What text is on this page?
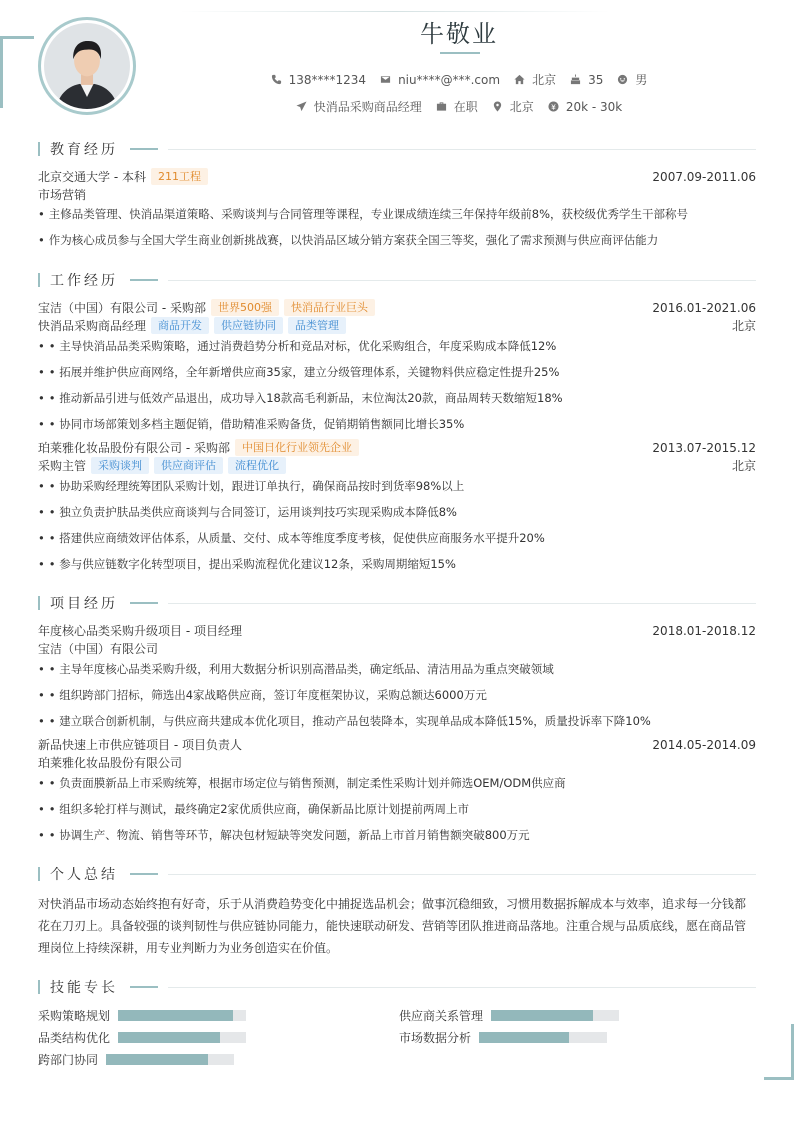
牛敬业
138****1234	niu****@***.com	北京	35	男
快消品采购商品经理	在职	北京	20k - 30k
教育经历
北京交通大学 - 本科	211工程	2007.09-2011.06
市场营销
• 主修品类管理、快消品渠道策略、采购谈判与合同管理等课程，专业课成绩连续三年保持年级前8%，获校级优秀学生干部称号
• 作为核心成员参与全国大学生商业创新挑战赛，以快消品区域分销方案获全国三等奖，强化了需求预测与供应商评估能力
工作经历
宝洁（中国）有限公司 - 采购部	世界500强	快消品行业巨头	2016.01-2021.06
快消品采购商品经理	商品开发	供应链协同	品类管理	北京
• • 主导快消品品类采购策略，通过消费趋势分析和竞品对标，优化采购组合，年度采购成本降低12%
• • 拓展并维护供应商网络，全年新增供应商35家，建立分级管理体系，关键物料供应稳定性提升25%
• • 推动新品引进与低效产品退出，成功导入18款高毛利新品，末位淘汰20款，商品周转天数缩短18%
• • 协同市场部策划多档主题促销，借助精准采购备货，促销期销售额同比增长35%
珀莱雅化妆品股份有限公司 - 采购部	中国日化行业领先企业	2013.07-2015.12
采购主管	采购谈判	供应商评估	流程优化	北京
• • 协助采购经理统筹团队采购计划，跟进订单执行，确保商品按时到货率98%以上
• • 独立负责护肤品类供应商谈判与合同签订，运用谈判技巧实现采购成本降低8%
• • 搭建供应商绩效评估体系，从质量、交付、成本等维度季度考核，促使供应商服务水平提升20%
• • 参与供应链数字化转型项目，提出采购流程优化建议12条，采购周期缩短15%
项目经历
年度核心品类采购升级项目 - 项目经理	2018.01-2018.12
宝洁（中国）有限公司
• • 主导年度核心品类采购升级，利用大数据分析识别高潜品类，确定纸品、清洁用品为重点突破领域
• • 组织跨部门招标，筛选出4家战略供应商，签订年度框架协议，采购总额达6000万元
• • 建立联合创新机制，与供应商共建成本优化项目，推动产品包装降本，实现单品成本降低15%，质量投诉率下降10%
新品快速上市供应链项目 - 项目负责人	2014.05-2014.09
珀莱雅化妆品股份有限公司
• • 负责面膜新品上市采购统筹，根据市场定位与销售预测，制定柔性采购计划并筛选OEM/ODM供应商
• • 组织多轮打样与测试，最终确定2家优质供应商，确保新品比原计划提前两周上市
• • 协调生产、物流、销售等环节，解决包材短缺等突发问题，新品上市首月销售额突破800万元
个人总结
对快消品市场动态始终抱有好奇，乐于从消费趋势变化中捕捉选品机会；做事沉稳细致，习惯用数据拆解成本与效率，追求每一分钱都花在刀刃上。具备较强的谈判韧性与供应链协同能力，能快速联动研发、营销等团队推进商品落地。注重合规与品质底线，愿在商品管理岗位上持续深耕，用专业判断力为业务创造实在价值。
技能专长
采购策略规划	供应商关系管理
品类结构优化	市场数据分析
跨部门协同
